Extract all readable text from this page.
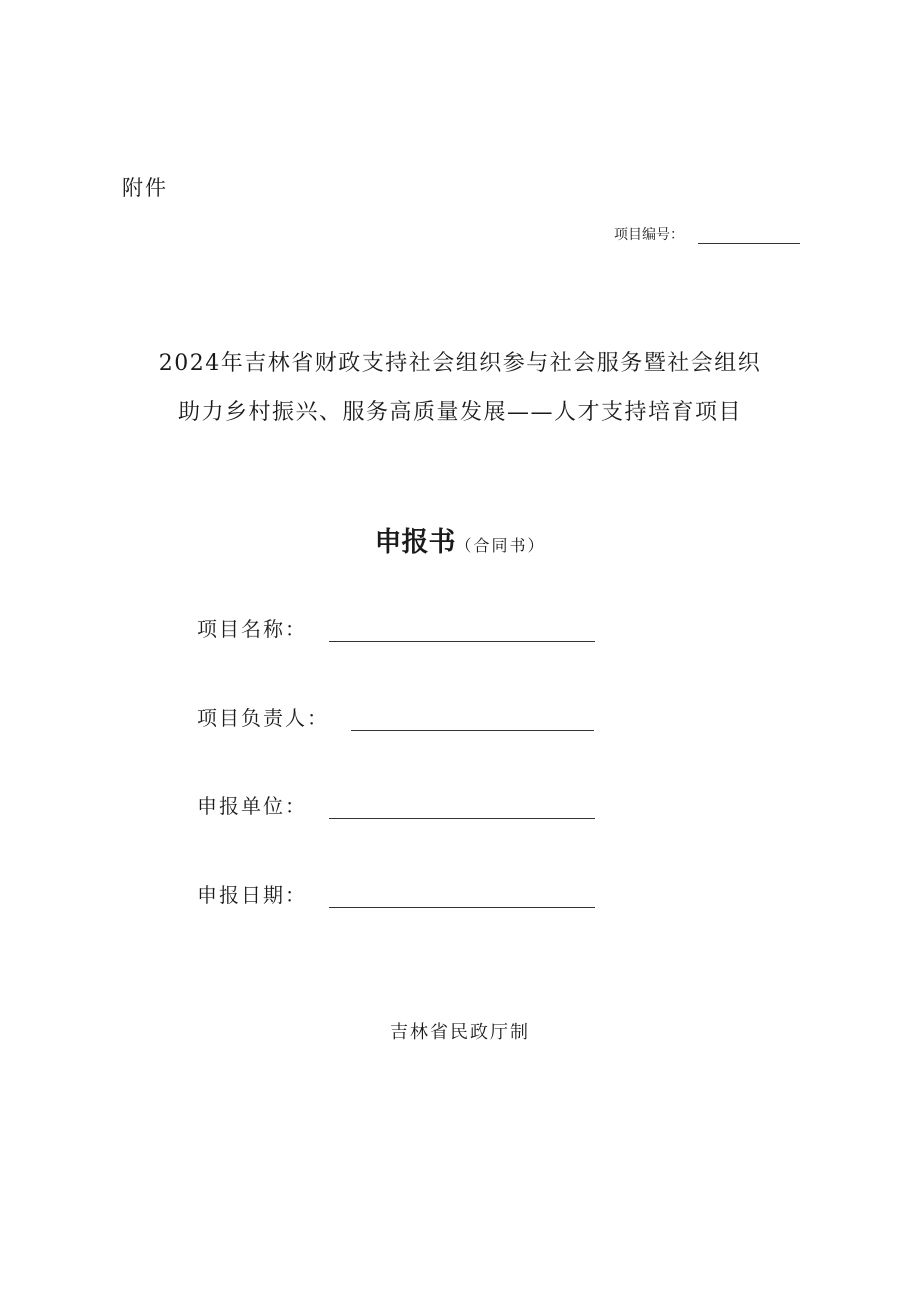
附件
项目编号：
2024年吉林省财政支持社会组织参与社会服务暨社会组织
助力乡村振兴、服务高质量发展——人才支持培育项目
申报书（合同书）
项目名称：
项目负责人：
申报单位：
申报日期：
吉林省民政厅制
